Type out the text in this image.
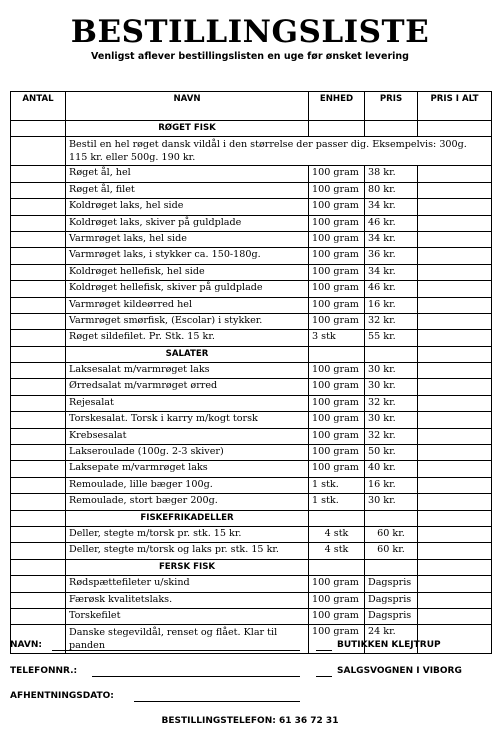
BESTILLINGSLISTE
Venligst aflever bestillingslisten en uge før ønsket levering
ANTAL	NAVN	ENHED	PRIS	PRIS I ALT
	RØGET FISK			
	Bestil en hel røget dansk vildål i den størrelse der passer dig. Eksempelvis: 300g. 115 kr. eller 500g. 190 kr.			
	Røget ål, hel	100 gram	38 kr.	
	Røget ål, filet	100 gram	80 kr.	
	Koldrøget laks, hel side	100 gram	34 kr.	
	Koldrøget laks, skiver på guldplade	100 gram	46 kr.	
	Varmrøget laks, hel side	100 gram	34 kr.	
	Varmrøget laks, i stykker ca. 150-180g.	100 gram	36 kr.	
	Koldrøget hellefisk, hel side	100 gram	34 kr.	
	Koldrøget hellefisk, skiver på guldplade	100 gram	46 kr.	
	Varmrøget kildeørred hel	100 gram	16 kr.	
	Varmrøget smørfisk, (Escolar) i stykker.	100 gram	32 kr.	
	Røget sildefilet. Pr. Stk. 15 kr.	3 stk	55 kr.	
	SALATER			
	Laksesalat m/varmrøget laks	100 gram	30 kr.	
	Ørredsalat m/varmrøget ørred	100 gram	30 kr.	
	Rejesalat	100 gram	32 kr.	
	Torskesalat. Torsk i karry m/kogt torsk	100 gram	30 kr.	
	Krebsesalat	100 gram	32 kr.	
	Lakseroulade (100g. 2-3 skiver)	100 gram	50 kr.	
	Laksepate m/varmrøget laks	100 gram	40 kr.	
	Remoulade, lille bæger 100g.	1 stk.	16 kr.	
	Remoulade, stort bæger 200g.	1 stk.	30 kr.	
	FISKEFRIKADELLER			
	Deller, stegte m/torsk pr. stk. 15 kr.	4 stk	60 kr.	
	Deller, stegte m/torsk og laks pr. stk. 15 kr.	4 stk	60 kr.	
	FERSK FISK			
	Rødspættefileter u/skind	100 gram	Dagspris	
	Færøsk kvalitetslaks.	100 gram	Dagspris	
	Torskefilet	100 gram	Dagspris	
	Danske stegevildål, renset og flået. Klar til panden	100 gram	24 kr.	
NAVN:	BUTIKKEN KLEJTRUP
TELEFONNR.:	SALGSVOGNEN I VIBORG
AFHENTNINGSDATO:
BESTILLINGSTELEFON: 61 36 72 31
